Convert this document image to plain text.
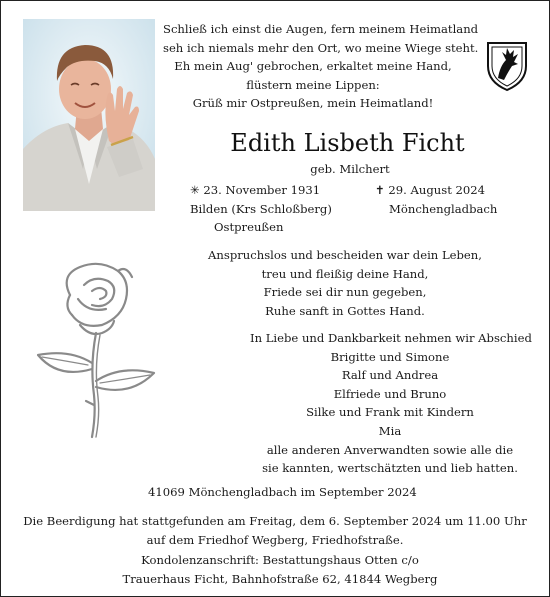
Schließ ich einst die Augen, fern meinem Heimatland
seh ich niemals mehr den Ort, wo meine Wiege steht.
Eh mein Aug' gebrochen, erkaltet meine Hand,
flüstern meine Lippen:
Grüß mir Ostpreußen, mein Heimatland!
Edith Lisbeth Ficht
geb. Milchert
✳ 23. November 1931
Bilden (Krs Schloßberg)
Ostpreußen
✝ 29. August 2024
Mönchengladbach
Anspruchslos und bescheiden war dein Leben,
treu und fleißig deine Hand,
Friede sei dir nun gegeben,
Ruhe sanft in Gottes Hand.
In Liebe und Dankbarkeit nehmen wir Abschied
Brigitte und Simone
Ralf und Andrea
Elfriede und Bruno
Silke und Frank mit Kindern
Mia
alle anderen Anverwandten sowie alle die
sie kannten, wertschätzten und lieb hatten.
41069 Mönchengladbach im September 2024
Die Beerdigung hat stattgefunden am Freitag, dem 6. September 2024 um 11.00 Uhr
auf dem Friedhof Wegberg, Friedhofstraße.
Kondolenzanschrift: Bestattungshaus Otten c/o
Trauerhaus Ficht, Bahnhofstraße 62, 41844 Wegberg
